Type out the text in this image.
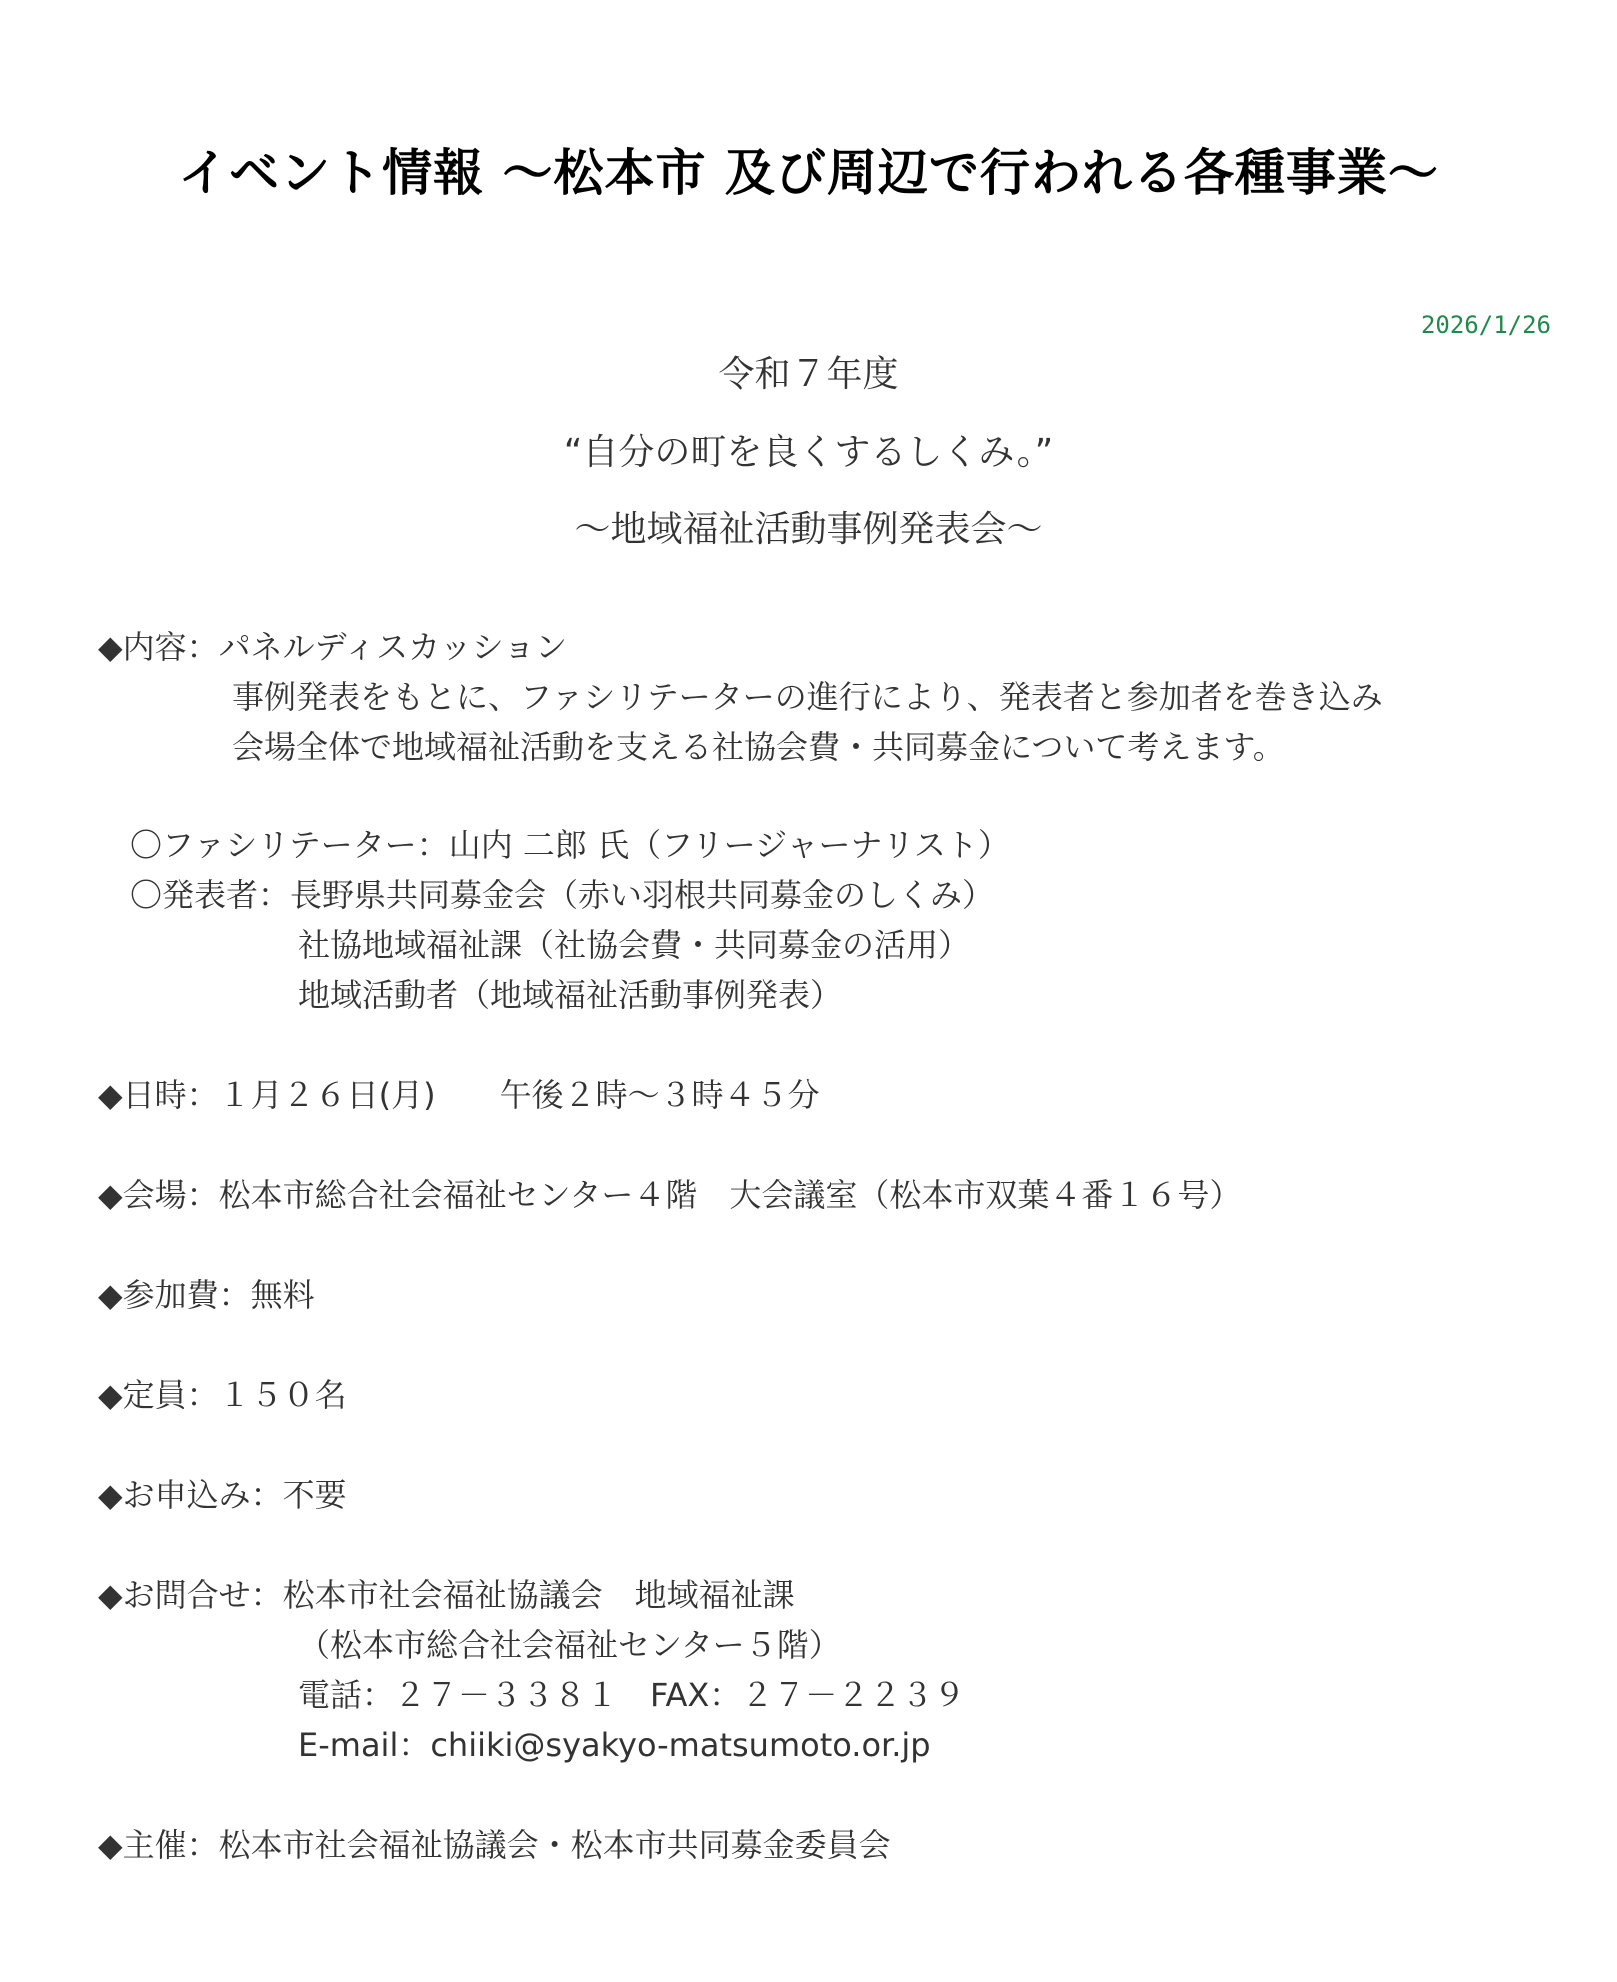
イベント情報 ～松本市 及び周辺で行われる各種事業～
2026/1/26
令和７年度
“自分の町を良くするしくみ。”
～地域福祉活動事例発表会～
◆内容：パネルディスカッション
事例発表をもとに、ファシリテーターの進行により、発表者と参加者を巻き込み
会場全体で地域福祉活動を支える社協会費・共同募金について考えます。
〇ファシリテーター：山内 二郎 氏（フリージャーナリスト）
〇発表者：長野県共同募金会（赤い羽根共同募金のしくみ）
社協地域福祉課（社協会費・共同募金の活用）
地域活動者（地域福祉活動事例発表）
◆日時：１月２６日(月)　　午後２時～３時４５分
◆会場：松本市総合社会福祉センター４階　大会議室（松本市双葉４番１６号）
◆参加費：無料
◆定員：１５０名
◆お申込み：不要
◆お問合せ：松本市社会福祉協議会　地域福祉課
（松本市総合社会福祉センター５階）
電話：２７－３３８１　FAX：２７－２２３９
E-mail：chiiki@syakyo-matsumoto.or.jp
◆主催：松本市社会福祉協議会・松本市共同募金委員会
